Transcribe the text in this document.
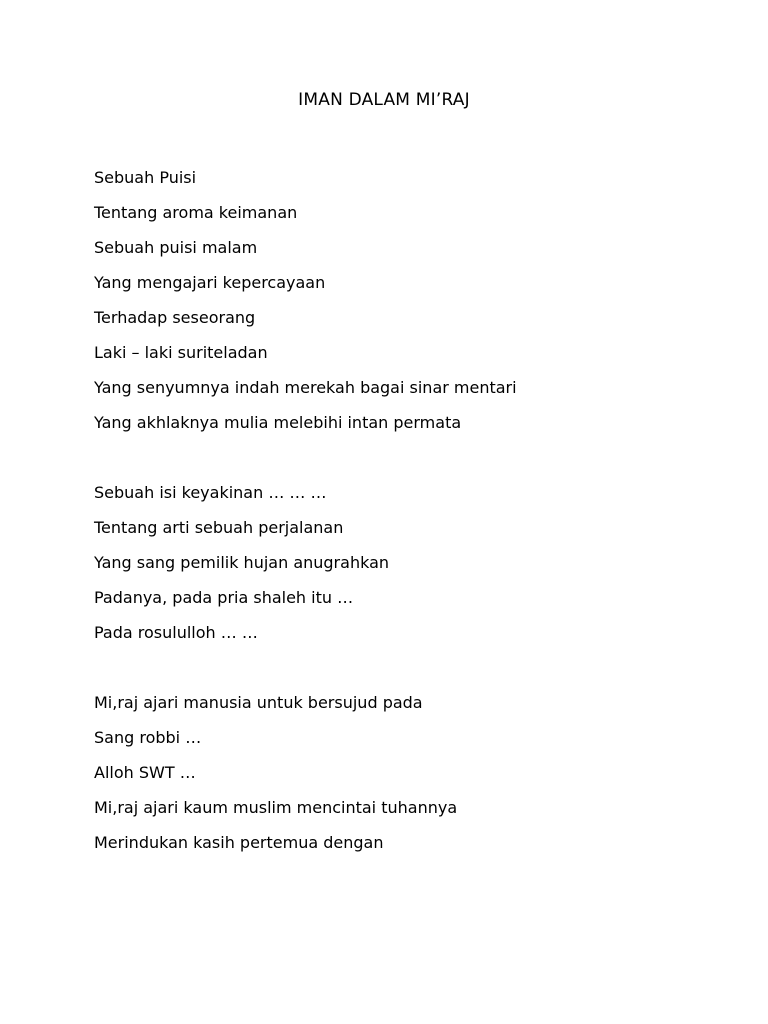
IMAN DALAM MI’RAJ

Sebuah Puisi

Tentang aroma keimanan

Sebuah puisi malam

Yang mengajari kepercayaan

Terhadap seseorang

Laki – laki suriteladan

Yang senyumnya indah merekah bagai sinar mentari

Yang akhlaknya mulia melebihi intan permata

Sebuah isi keyakinan … … …

Tentang arti sebuah perjalanan

Yang sang pemilik hujan anugrahkan

Padanya, pada pria shaleh itu …

Pada rosululloh … …

Mi,raj ajari manusia untuk bersujud pada

Sang robbi …

Alloh SWT …

Mi,raj ajari kaum muslim mencintai tuhannya

Merindukan kasih pertemua dengan
